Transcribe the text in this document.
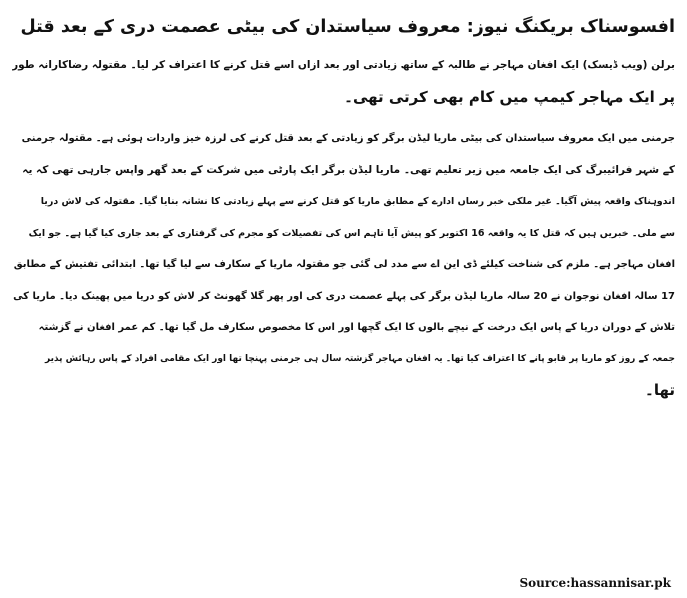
افسوسناک بریکنگ نیوز: معروف سیاستدان کی بیٹی عصمت دری کے بعد قتل

برلن (ویب ڈیسک) ایک افغان مہاجر نے طالبہ کے ساتھ زیادتی اور بعد ازاں اسے قتل کرنے کا اعتراف کر لیا۔ مقتولہ رضاکارانہ طور
پر ایک مہاجر کیمپ میں کام بھی کرتی تھی۔

جرمنی میں ایک معروف سیاستدان کی بیٹی ماریا لیڈن برگر کو زیادتی کے بعد قتل کرنے کی لرزہ خیز واردات ہوئی ہے۔ مقتولہ جرمنی
کے شہر فرائیبرگ کی ایک جامعہ میں زیر تعلیم تھی۔ ماریا لیڈن برگر ایک پارٹی میں شرکت کے بعد گھر واپس جارہی تھی کہ یہ
اندوہناک واقعہ پیش آگیا۔ غیر ملکی خبر رساں ادارے کے مطابق ماریا کو قتل کرنے سے پہلے زیادتی کا نشانہ بنایا گیا۔ مقتولہ کی لاش دریا
سے ملی۔ خبریں ہیں کہ قتل کا یہ واقعہ 16 اکتوبر کو پیش آیا تاہم اس کی تفصیلات کو مجرم کی گرفتاری کے بعد جاری کیا گیا ہے۔ جو ایک
افغان مہاجر ہے۔ ملزم کی شناخت کیلئے ڈی این اے سے مدد لی گئی جو مقتولہ ماریا کے سکارف سے لیا گیا تھا۔ ابتدائی تفتیش کے مطابق
17 سالہ افغان نوجوان نے 20 سالہ ماریا لیڈن برگر کی پہلے عصمت دری کی اور پھر گلا گھونٹ کر لاش کو دریا میں پھینک دیا۔ ماریا کی
تلاش کے دوران دریا کے پاس ایک درخت کے نیچے بالوں کا ایک گچھا اور اس کا مخصوص سکارف مل گیا تھا۔ کم عمر افغان نے گزشتہ
جمعہ کے روز کو ماریا پر قابو پانے کا اعتراف کیا تھا۔ یہ افغان مہاجر گزشتہ سال ہی جرمنی پہنچا تھا اور ایک مقامی افراد کے پاس رہائش پذیر
تھا۔

Source:hassannisar.pk
